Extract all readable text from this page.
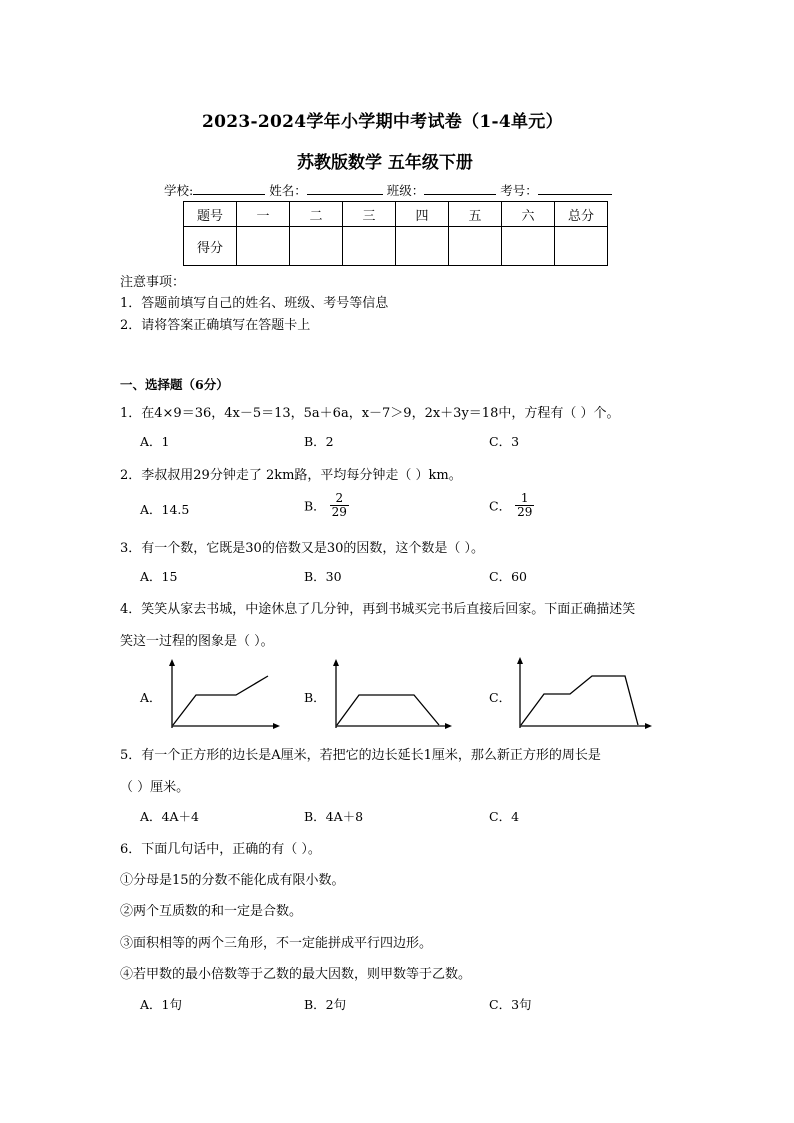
2023-2024学年小学期中考试卷（1-4单元）
苏教版数学 五年级下册
学校:	姓名：	班级：	考号：
题号	一	二	三	四	五	六	总分
得分							
注意事项：
1．答题前填写自己的姓名、班级、考号等信息
2．请将答案正确填写在答题卡上
一、选择题（6分）
1．在4×9＝36，4x－5＝13，5a＋6a，x－7＞9，2x＋3y＝18中，方程有（ ）个。
A．1	B．2	C．3
2．李叔叔用29分钟走了 2km路，平均每分钟走（ ）km。
A．14.5	B． $\frac{2}{29}$	C． $\frac{1}{29}$
3．有一个数，它既是30的倍数又是30的因数，这个数是（ ）。
A．15	B．30	C．60
4．笑笑从家去书城，中途休息了几分钟，再到书城买完书后直接后回家。下面正确描述笑
笑这一过程的图象是（ ）。
A．	B．	C．
5．有一个正方形的边长是A厘米，若把它的边长延长1厘米，那么新正方形的周长是
（ ）厘米。
A．4A＋4	B．4A＋8	C．4
6．下面几句话中，正确的有（ ）。
①分母是15的分数不能化成有限小数。
②两个互质数的和一定是合数。
③面积相等的两个三角形，不一定能拼成平行四边形。
④若甲数的最小倍数等于乙数的最大因数，则甲数等于乙数。
A．1句	B．2句	C．3句
